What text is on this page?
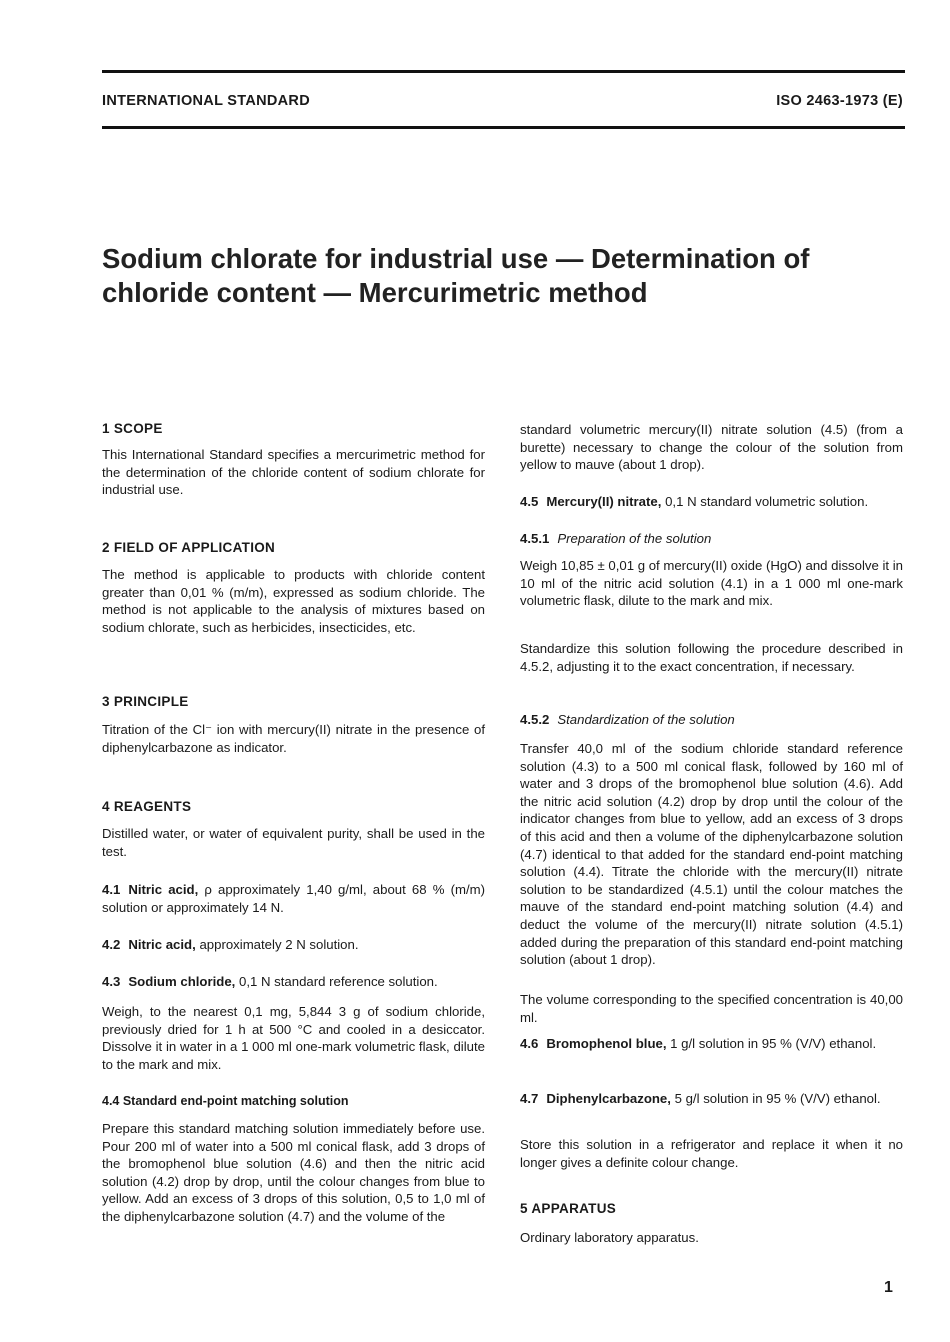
INTERNATIONAL STANDARD	ISO 2463-1973 (E)
Sodium chlorate for industrial use — Determination of chloride content — Mercurimetric method
1 SCOPE
This International Standard specifies a mercurimetric method for the determination of the chloride content of sodium chlorate for industrial use.
2 FIELD OF APPLICATION
The method is applicable to products with chloride content greater than 0,01 % (m/m), expressed as sodium chloride. The method is not applicable to the analysis of mixtures based on sodium chlorate, such as herbicides, insecticides, etc.
3 PRINCIPLE
Titration of the Cl⁻ ion with mercury(II) nitrate in the presence of diphenylcarbazone as indicator.
4 REAGENTS
Distilled water, or water of equivalent purity, shall be used in the test.
4.1 Nitric acid, ρ approximately 1,40 g/ml, about 68 % (m/m) solution or approximately 14 N.
4.2 Nitric acid, approximately 2 N solution.
4.3 Sodium chloride, 0,1 N standard reference solution.
Weigh, to the nearest 0,1 mg, 5,844 3 g of sodium chloride, previously dried for 1 h at 500 °C and cooled in a desiccator. Dissolve it in water in a 1 000 ml one-mark volumetric flask, dilute to the mark and mix.
4.4 Standard end-point matching solution
Prepare this standard matching solution immediately before use. Pour 200 ml of water into a 500 ml conical flask, add 3 drops of the bromophenol blue solution (4.6) and then the nitric acid solution (4.2) drop by drop, until the colour changes from blue to yellow. Add an excess of 3 drops of this solution, 0,5 to 1,0 ml of the diphenylcarbazone solution (4.7) and the volume of the
standard volumetric mercury(II) nitrate solution (4.5) (from a burette) necessary to change the colour of the solution from yellow to mauve (about 1 drop).
4.5 Mercury(II) nitrate, 0,1 N standard volumetric solution.
4.5.1 Preparation of the solution
Weigh 10,85 ± 0,01 g of mercury(II) oxide (HgO) and dissolve it in 10 ml of the nitric acid solution (4.1) in a 1 000 ml one-mark volumetric flask, dilute to the mark and mix.
Standardize this solution following the procedure described in 4.5.2, adjusting it to the exact concentration, if necessary.
4.5.2 Standardization of the solution
Transfer 40,0 ml of the sodium chloride standard reference solution (4.3) to a 500 ml conical flask, followed by 160 ml of water and 3 drops of the bromophenol blue solution (4.6). Add the nitric acid solution (4.2) drop by drop until the colour of the indicator changes from blue to yellow, add an excess of 3 drops of this acid and then a volume of the diphenylcarbazone solution (4.7) identical to that added for the standard end-point matching solution (4.4). Titrate the chloride with the mercury(II) nitrate solution to be standardized (4.5.1) until the colour matches the mauve of the standard end-point matching solution (4.4) and deduct the volume of the mercury(II) nitrate solution (4.5.1) added during the preparation of this standard end-point matching solution (about 1 drop).
The volume corresponding to the specified concentration is 40,00 ml.
4.6 Bromophenol blue, 1 g/l solution in 95 % (V/V) ethanol.
4.7 Diphenylcarbazone, 5 g/l solution in 95 % (V/V) ethanol.
Store this solution in a refrigerator and replace it when it no longer gives a definite colour change.
5 APPARATUS
Ordinary laboratory apparatus.
1
